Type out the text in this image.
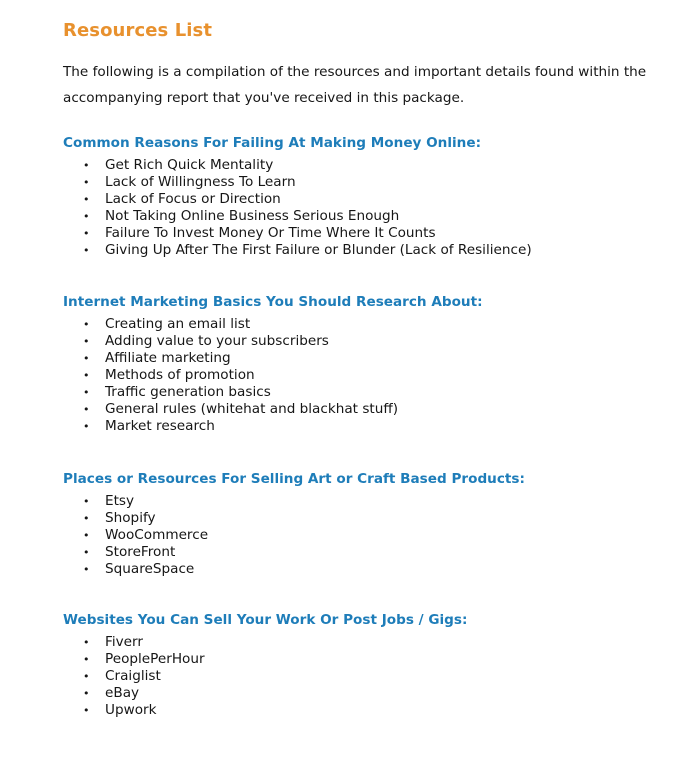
Resources List

The following is a compilation of the resources and important details found within the accompanying report that you've received in this package.

Common Reasons For Failing At Making Money Online:
• Get Rich Quick Mentality
• Lack of Willingness To Learn
• Lack of Focus or Direction
• Not Taking Online Business Serious Enough
• Failure To Invest Money Or Time Where It Counts
• Giving Up After The First Failure or Blunder (Lack of Resilience)
Internet Marketing Basics You Should Research About:
• Creating an email list
• Adding value to your subscribers
• Affiliate marketing
• Methods of promotion
• Traffic generation basics
• General rules (whitehat and blackhat stuff)
• Market research
Places or Resources For Selling Art or Craft Based Products:
• Etsy
• Shopify
• WooCommerce
• StoreFront
• SquareSpace
Websites You Can Sell Your Work Or Post Jobs / Gigs:
• Fiverr
• PeoplePerHour
• Craiglist
• eBay
• Upwork
